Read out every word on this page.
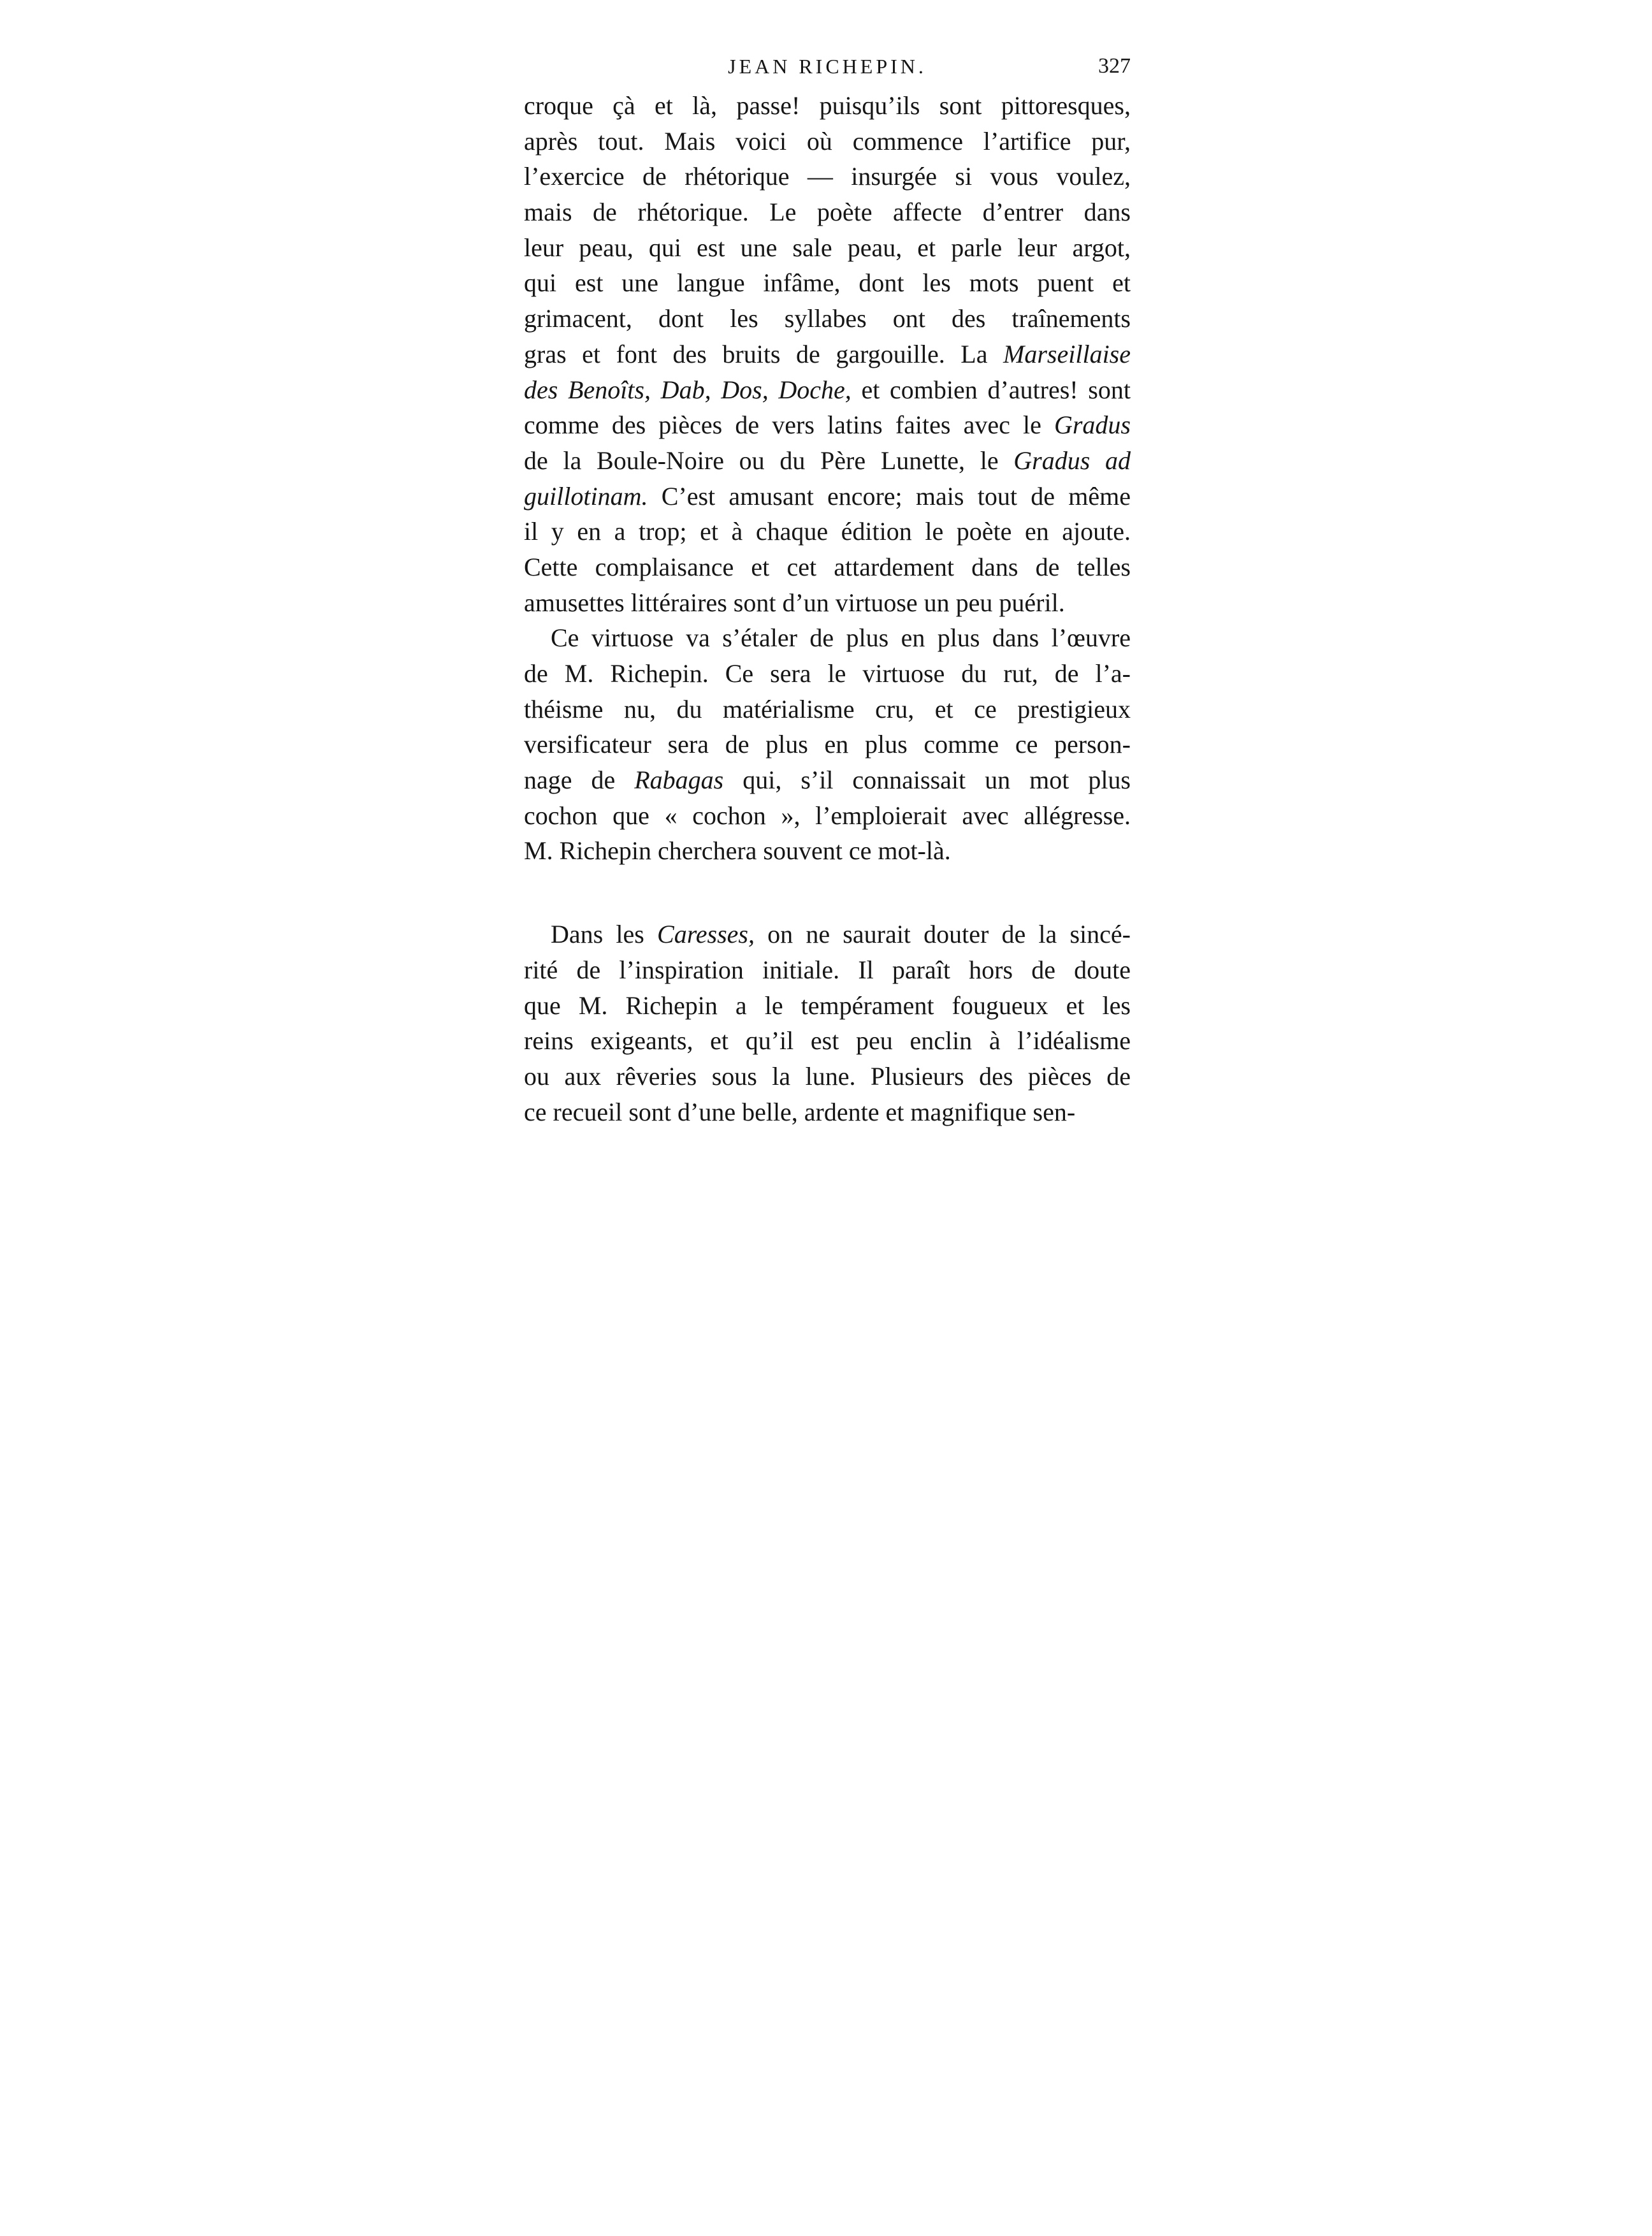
JEAN RICHEPIN.	327
croque çà et là, passe! puisqu’ils sont pittoresques,
après tout. Mais voici où commence l’artifice pur,
l’exercice de rhétorique — insurgée si vous voulez,
mais de rhétorique. Le poète affecte d’entrer dans
leur peau, qui est une sale peau, et parle leur argot,
qui est une langue infâme, dont les mots puent et
grimacent, dont les syllabes ont des traînements
gras et font des bruits de gargouille. La Marseillaise
des Benoîts, Dab, Dos, Doche, et combien d’autres! sont
comme des pièces de vers latins faites avec le Gradus
de la Boule-Noire ou du Père Lunette, le Gradus ad
guillotinam. C’est amusant encore; mais tout de même
il y en a trop; et à chaque édition le poète en ajoute.
Cette complaisance et cet attardement dans de telles
amusettes littéraires sont d’un virtuose un peu puéril.
Ce virtuose va s’étaler de plus en plus dans l’œuvre
de M. Richepin. Ce sera le virtuose du rut, de l’a-
théisme nu, du matérialisme cru, et ce prestigieux
versificateur sera de plus en plus comme ce person-
nage de Rabagas qui, s’il connaissait un mot plus
cochon que « cochon », l’emploierait avec allégresse.
M. Richepin cherchera souvent ce mot-là.
Dans les Caresses, on ne saurait douter de la sincé-
rité de l’inspiration initiale. Il paraît hors de doute
que M. Richepin a le tempérament fougueux et les
reins exigeants, et qu’il est peu enclin à l’idéalisme
ou aux rêveries sous la lune. Plusieurs des pièces de
ce recueil sont d’une belle, ardente et magnifique sen-
